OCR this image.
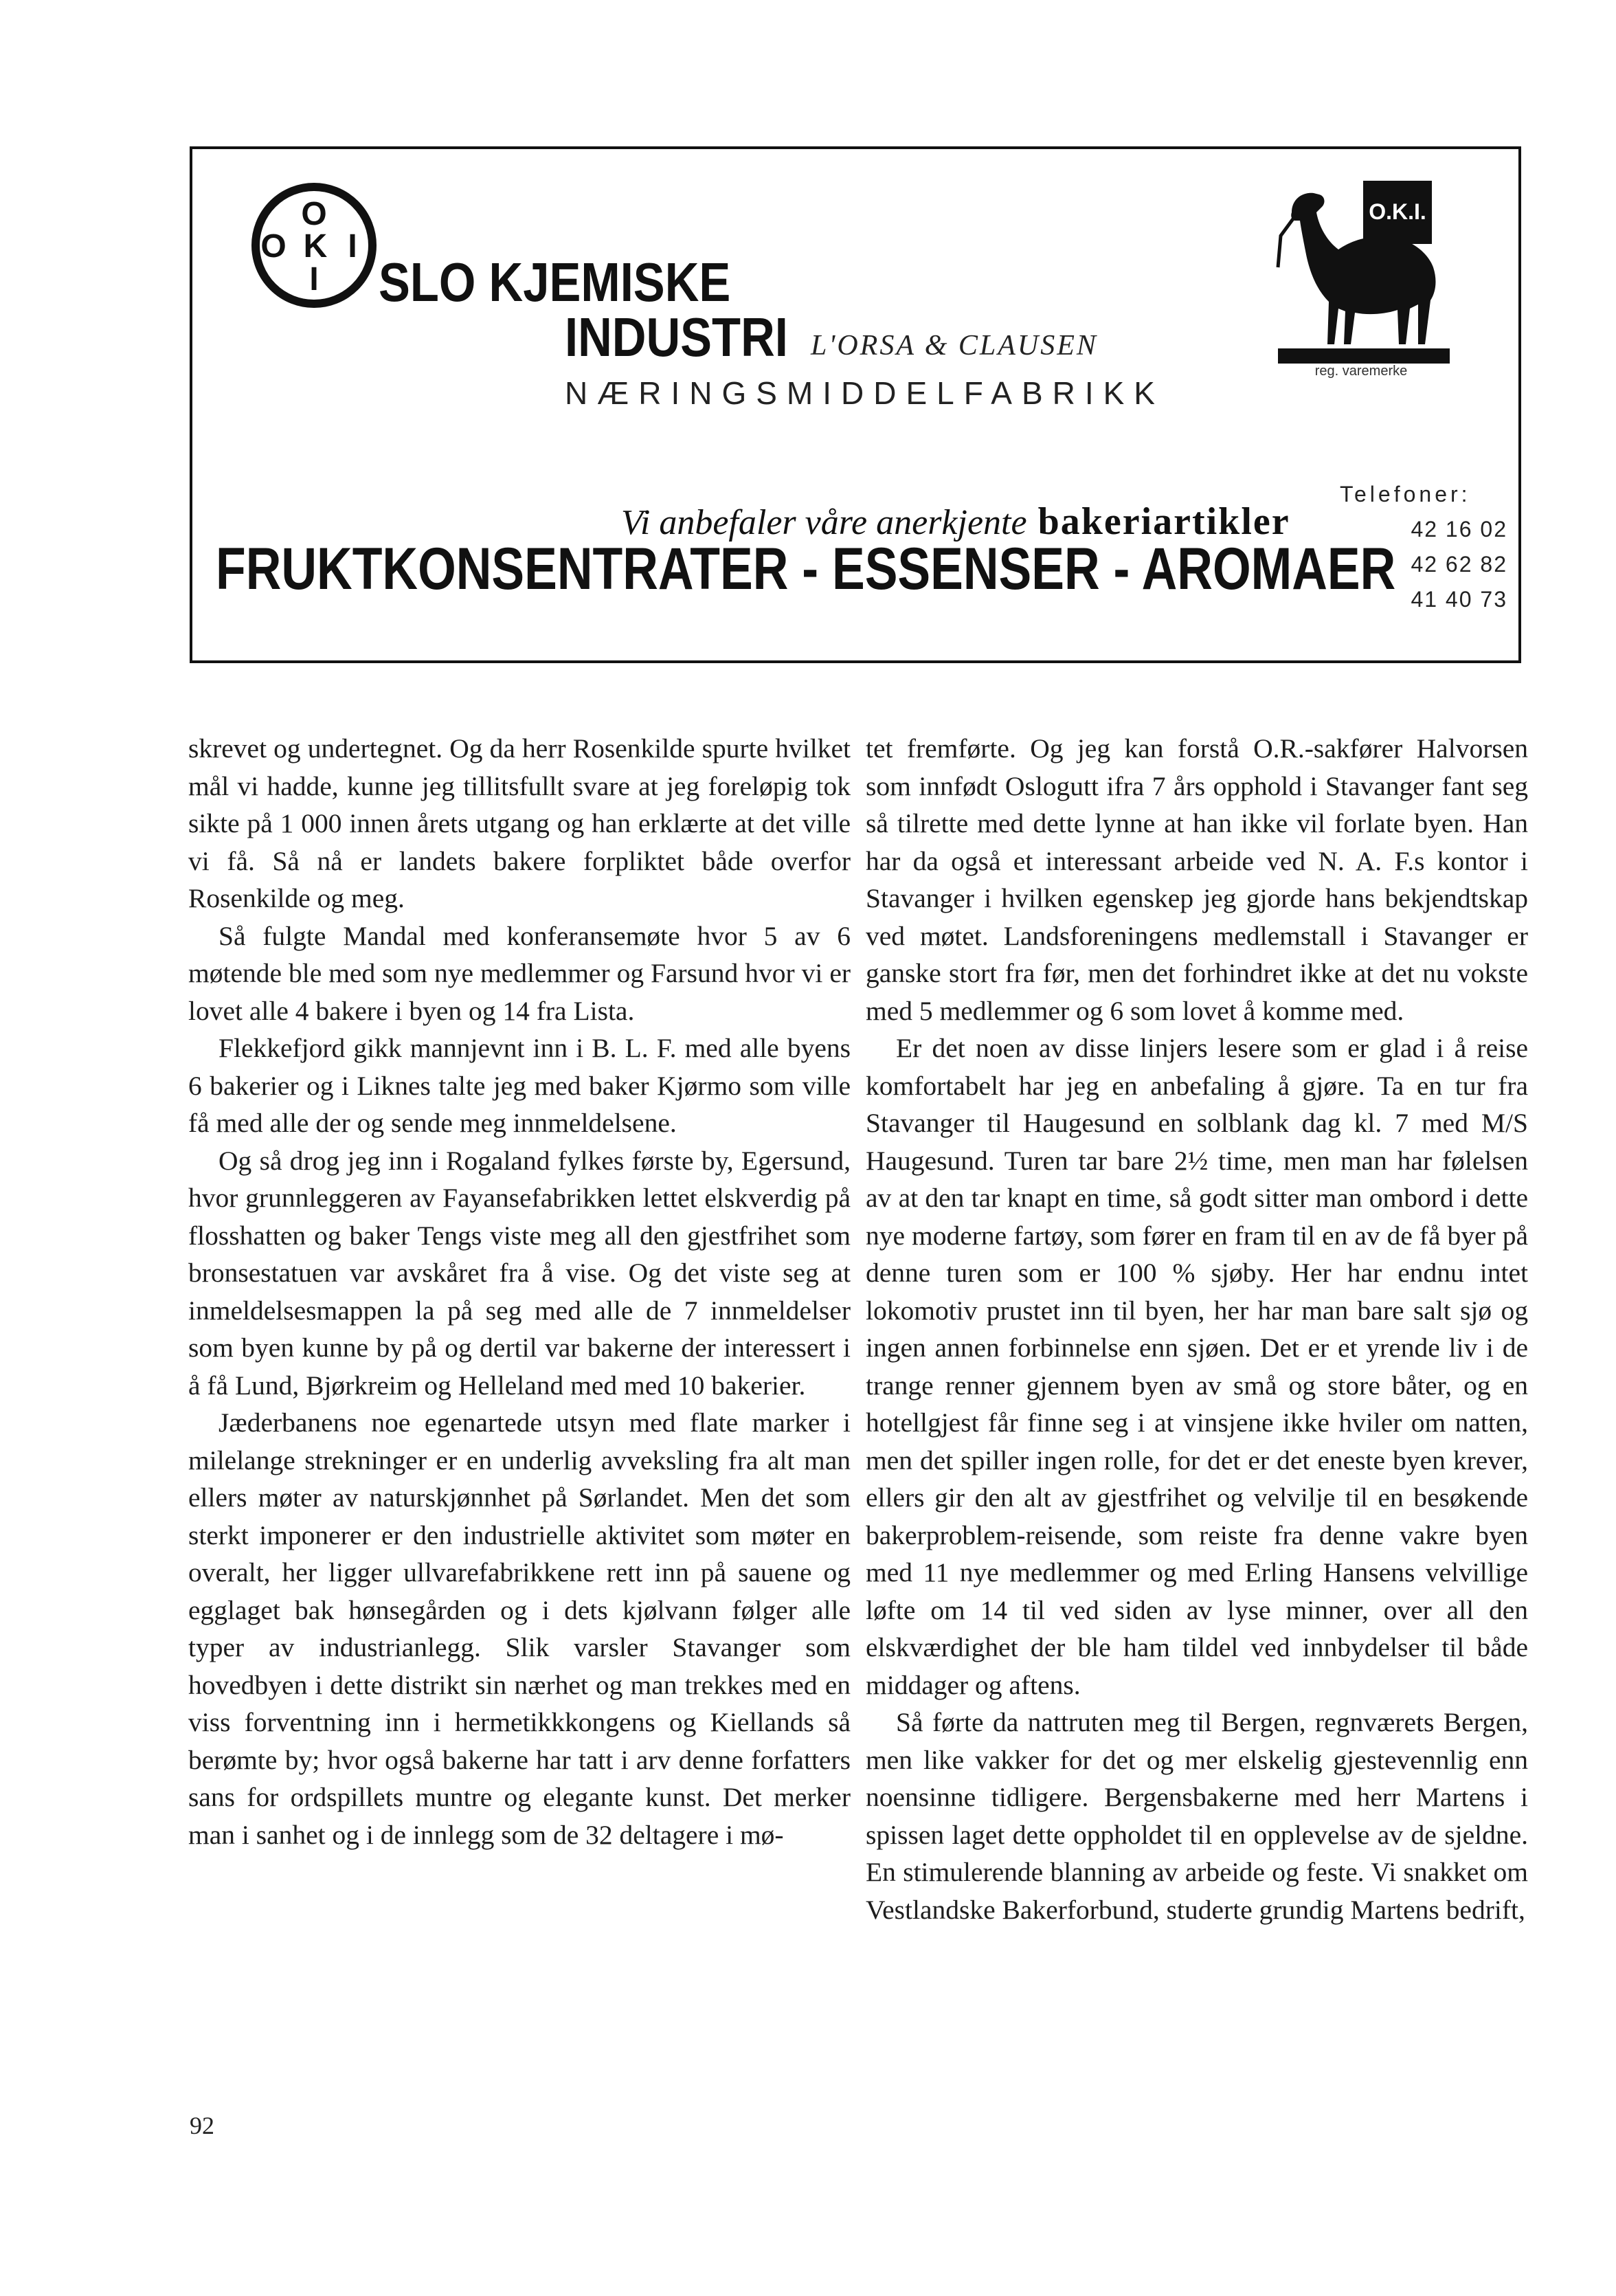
O
O K I
I SLO KJEMISKE
INDUSTRI L'ORSA & CLAUSEN
NÆRINGSMIDDELFABRIKK
O.K.I.
reg. varemerke
Vi anbefaler våre anerkjente bakeriartikler
FRUKTKONSENTRATER - ESSENSER - AROMAER
Telefoner:
42 16 02
42 62 82
41 40 73

skrevet og undertegnet. Og da herr Rosenkilde spurte hvilket mål vi hadde, kunne jeg tillitsfullt svare at jeg foreløpig tok sikte på 1 000 innen årets utgang og han erklærte at det ville vi få. Så nå er landets bakere forpliktet både overfor Rosenkilde og meg.

Så fulgte Mandal med konferansemøte hvor 5 av 6 møtende ble med som nye medlemmer og Farsund hvor vi er lovet alle 4 bakere i byen og 14 fra Lista.

Flekkefjord gikk mannjevnt inn i B. L. F. med alle byens 6 bakerier og i Liknes talte jeg med baker Kjørmo som ville få med alle der og sende meg innmeldelsene.

Og så drog jeg inn i Rogaland fylkes første by, Egersund, hvor grunnleggeren av Fayansefabrikken lettet elskverdig på flosshatten og baker Tengs viste meg all den gjestfrihet som bronsestatuen var avskåret fra å vise. Og det viste seg at inmeldelsesmappen la på seg med alle de 7 innmeldelser som byen kunne by på og dertil var bakerne der interessert i å få Lund, Bjørkreim og Helleland med med 10 bakerier.

Jæderbanens noe egenartede utsyn med flate marker i milelange strekninger er en underlig avveksling fra alt man ellers møter av naturskjønnhet på Sørlandet. Men det som sterkt imponerer er den industrielle aktivitet som møter en overalt, her ligger ullvarefabrikkene rett inn på sauene og egglaget bak hønsegården og i dets kjølvann følger alle typer av industrianlegg. Slik varsler Stavanger som hovedbyen i dette distrikt sin nærhet og man trekkes med en viss forventning inn i hermetikkkongens og Kiellands så berømte by; hvor også bakerne har tatt i arv denne forfatters sans for ordspillets muntre og elegante kunst. Det merker man i sanhet og i de innlegg som de 32 deltagere i mø-

tet fremførte. Og jeg kan forstå O.R.-sakfører Halvorsen som innfødt Oslogutt ifra 7 års opphold i Stavanger fant seg så tilrette med dette lynne at han ikke vil forlate byen. Han har da også et interessant arbeide ved N. A. F.s kontor i Stavanger i hvilken egenskep jeg gjorde hans bekjendtskap ved møtet. Landsforeningens medlemstall i Stavanger er ganske stort fra før, men det forhindret ikke at det nu vokste med 5 medlemmer og 6 som lovet å komme med.

Er det noen av disse linjers lesere som er glad i å reise komfortabelt har jeg en anbefaling å gjøre. Ta en tur fra Stavanger til Haugesund en solblank dag kl. 7 med M/S Haugesund. Turen tar bare 2½ time, men man har følelsen av at den tar knapt en time, så godt sitter man ombord i dette nye moderne fartøy, som fører en fram til en av de få byer på denne turen som er 100 % sjøby. Her har endnu intet lokomotiv prustet inn til byen, her har man bare salt sjø og ingen annen forbinnelse enn sjøen. Det er et yrende liv i de trange renner gjennem byen av små og store båter, og en hotellgjest får finne seg i at vinsjene ikke hviler om natten, men det spiller ingen rolle, for det er det eneste byen krever, ellers gir den alt av gjestfrihet og velvilje til en besøkende bakerproblem-reisende, som reiste fra denne vakre byen med 11 nye medlemmer og med Erling Hansens velvillige løfte om 14 til ved siden av lyse minner, over all den elskværdighet der ble ham tildel ved innbydelser til både middager og aftens.

Så førte da nattruten meg til Bergen, regnværets Bergen, men like vakker for det og mer elskelig gjestevennlig enn noensinne tidligere. Bergensbakerne med herr Martens i spissen laget dette oppholdet til en opplevelse av de sjeldne. En stimulerende blanning av arbeide og feste. Vi snakket om Vestlandske Bakerforbund, studerte grundig Martens bedrift,

92
